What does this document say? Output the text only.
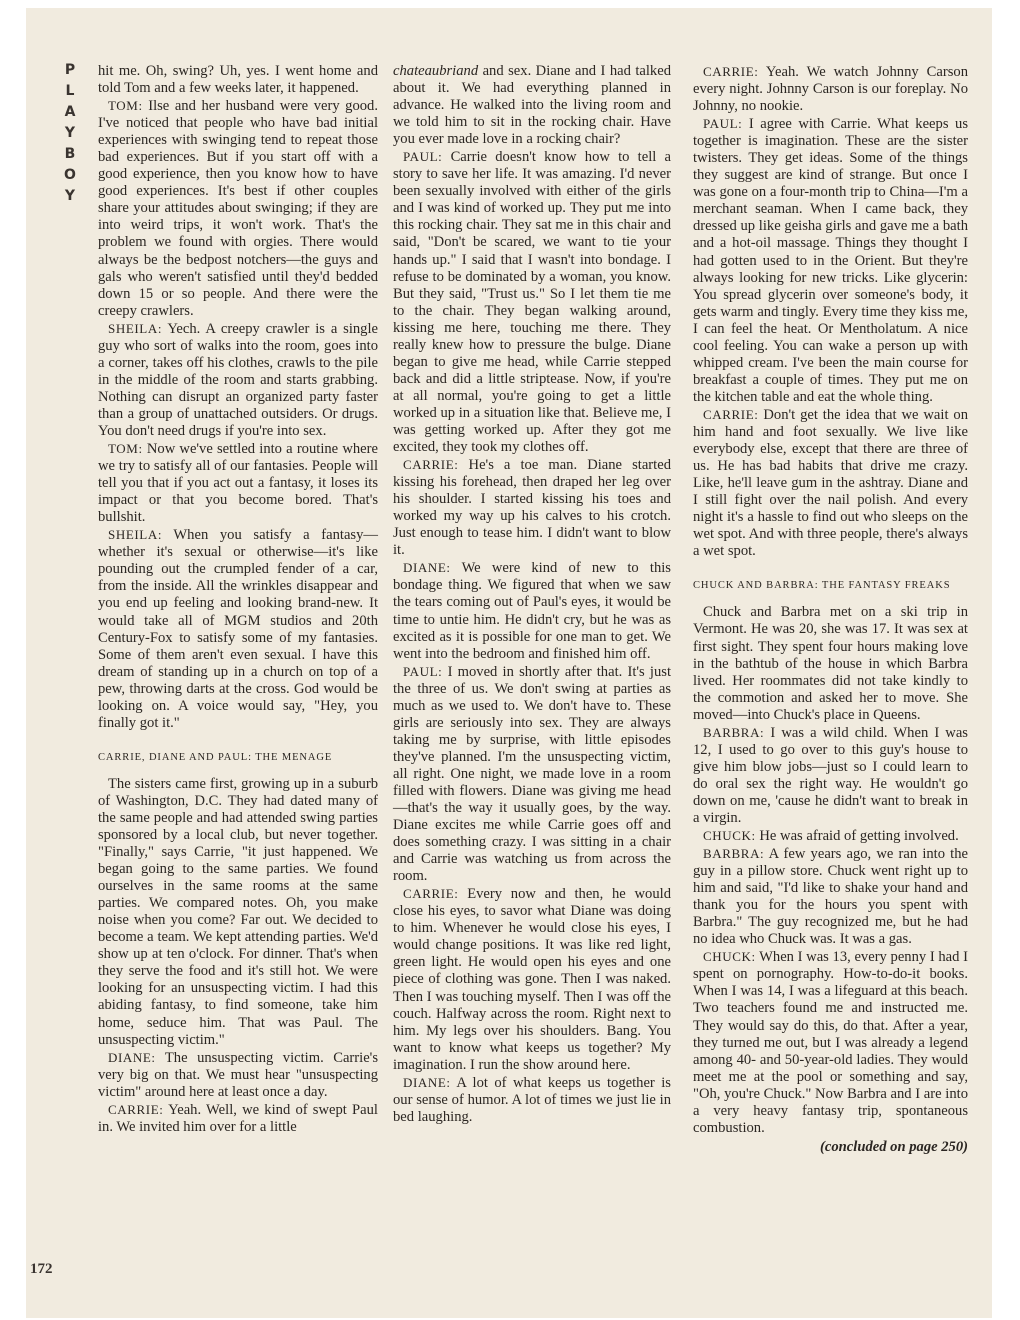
P
L
A
Y
B
O
Y

hit me. Oh, swing? Uh, yes. I went home and told Tom and a few weeks later, it happened.

TOM: Ilse and her husband were very good. I've noticed that people who have bad initial experiences with swinging tend to repeat those bad experiences. But if you start off with a good experience, then you know how to have good experiences. It's best if other couples share your attitudes about swinging; if they are into weird trips, it won't work. That's the problem we found with orgies. There would always be the bedpost notchers—the guys and gals who weren't satisfied until they'd bedded down 15 or so people. And there were the creepy crawlers.

SHEILA: Yech. A creepy crawler is a single guy who sort of walks into the room, goes into a corner, takes off his clothes, crawls to the pile in the middle of the room and starts grabbing. Nothing can disrupt an organized party faster than a group of unattached outsiders. Or drugs. You don't need drugs if you're into sex.

TOM: Now we've settled into a routine where we try to satisfy all of our fantasies. People will tell you that if you act out a fantasy, it loses its impact or that you become bored. That's bullshit.

SHEILA: When you satisfy a fantasy—whether it's sexual or otherwise—it's like pounding out the crumpled fender of a car, from the inside. All the wrinkles disappear and you end up feeling and looking brand-new. It would take all of MGM studios and 20th Century-Fox to satisfy some of my fantasies. Some of them aren't even sexual. I have this dream of standing up in a church on top of a pew, throwing darts at the cross. God would be looking on. A voice would say, "Hey, you finally got it."

CARRIE, DIANE AND PAUL: THE MENAGE

The sisters came first, growing up in a suburb of Washington, D.C. They had dated many of the same people and had attended swing parties sponsored by a local club, but never together. "Finally," says Carrie, "it just happened. We began going to the same parties. We found ourselves in the same rooms at the same parties. We compared notes. Oh, you make noise when you come? Far out. We decided to become a team. We kept attending parties. We'd show up at ten o'clock. For dinner. That's when they serve the food and it's still hot. We were looking for an unsuspecting victim. I had this abiding fantasy, to find someone, take him home, seduce him. That was Paul. The unsuspecting victim."

DIANE: The unsuspecting victim. Carrie's very big on that. We must hear "unsuspecting victim" around here at least once a day.

CARRIE: Yeah. Well, we kind of swept Paul in. We invited him over for a little

chateaubriand and sex. Diane and I had talked about it. We had everything planned in advance. He walked into the living room and we told him to sit in the rocking chair. Have you ever made love in a rocking chair?

PAUL: Carrie doesn't know how to tell a story to save her life. It was amazing. I'd never been sexually involved with either of the girls and I was kind of worked up. They put me into this rocking chair. They sat me in this chair and said, "Don't be scared, we want to tie your hands up." I said that I wasn't into bondage. I refuse to be dominated by a woman, you know. But they said, "Trust us." So I let them tie me to the chair. They began walking around, kissing me here, touching me there. They really knew how to pressure the bulge. Diane began to give me head, while Carrie stepped back and did a little striptease. Now, if you're at all normal, you're going to get a little worked up in a situation like that. Believe me, I was getting worked up. After they got me excited, they took my clothes off.

CARRIE: He's a toe man. Diane started kissing his forehead, then draped her leg over his shoulder. I started kissing his toes and worked my way up his calves to his crotch. Just enough to tease him. I didn't want to blow it.

DIANE: We were kind of new to this bondage thing. We figured that when we saw the tears coming out of Paul's eyes, it would be time to untie him. He didn't cry, but he was as excited as it is possible for one man to get. We went into the bedroom and finished him off.

PAUL: I moved in shortly after that. It's just the three of us. We don't swing at parties as much as we used to. We don't have to. These girls are seriously into sex. They are always taking me by surprise, with little episodes they've planned. I'm the unsuspecting victim, all right. One night, we made love in a room filled with flowers. Diane was giving me head—that's the way it usually goes, by the way. Diane excites me while Carrie goes off and does something crazy. I was sitting in a chair and Carrie was watching us from across the room.

CARRIE: Every now and then, he would close his eyes, to savor what Diane was doing to him. Whenever he would close his eyes, I would change positions. It was like red light, green light. He would open his eyes and one piece of clothing was gone. Then I was naked. Then I was touching myself. Then I was off the couch. Halfway across the room. Right next to him. My legs over his shoulders. Bang. You want to know what keeps us together? My imagination. I run the show around here.

DIANE: A lot of what keeps us together is our sense of humor. A lot of times we just lie in bed laughing.

CARRIE: Yeah. We watch Johnny Carson every night. Johnny Carson is our foreplay. No Johnny, no nookie.

PAUL: I agree with Carrie. What keeps us together is imagination. These are the sister twisters. They get ideas. Some of the things they suggest are kind of strange. But once I was gone on a four-month trip to China—I'm a merchant seaman. When I came back, they dressed up like geisha girls and gave me a bath and a hot-oil massage. Things they thought I had gotten used to in the Orient. But they're always looking for new tricks. Like glycerin: You spread glycerin over someone's body, it gets warm and tingly. Every time they kiss me, I can feel the heat. Or Mentholatum. A nice cool feeling. You can wake a person up with whipped cream. I've been the main course for breakfast a couple of times. They put me on the kitchen table and eat the whole thing.

CARRIE: Don't get the idea that we wait on him hand and foot sexually. We live like everybody else, except that there are three of us. He has bad habits that drive me crazy. Like, he'll leave gum in the ashtray. Diane and I still fight over the nail polish. And every night it's a hassle to find out who sleeps on the wet spot. And with three people, there's always a wet spot.

CHUCK AND BARBRA: THE FANTASY FREAKS

Chuck and Barbra met on a ski trip in Vermont. He was 20, she was 17. It was sex at first sight. They spent four hours making love in the bathtub of the house in which Barbra lived. Her roommates did not take kindly to the commotion and asked her to move. She moved—into Chuck's place in Queens.

BARBRA: I was a wild child. When I was 12, I used to go over to this guy's house to give him blow jobs—just so I could learn to do oral sex the right way. He wouldn't go down on me, 'cause he didn't want to break in a virgin.

CHUCK: He was afraid of getting involved.

BARBRA: A few years ago, we ran into the guy in a pillow store. Chuck went right up to him and said, "I'd like to shake your hand and thank you for the hours you spent with Barbra." The guy recognized me, but he had no idea who Chuck was. It was a gas.

CHUCK: When I was 13, every penny I had I spent on pornography. How-to-do-it books. When I was 14, I was a lifeguard at this beach. Two teachers found me and instructed me. They would say do this, do that. After a year, they turned me out, but I was already a legend among 40- and 50-year-old ladies. They would meet me at the pool or something and say, "Oh, you're Chuck." Now Barbra and I are into a very heavy fantasy trip, spontaneous combustion.

(concluded on page 250)

172
